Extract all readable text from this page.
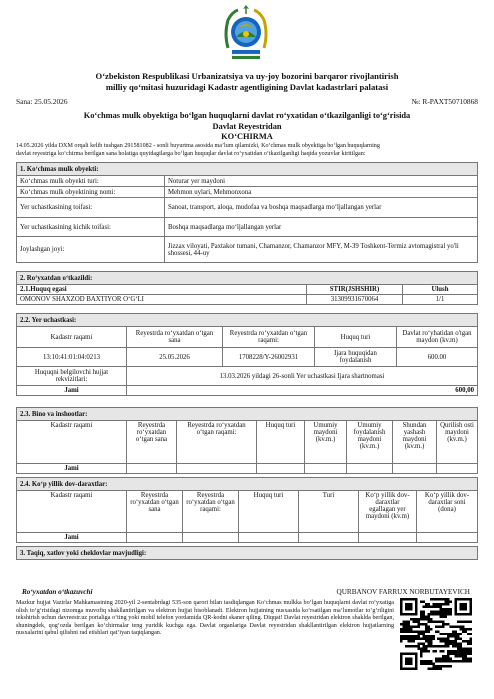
O‘zbekiston Respublikasi Urbanizatsiya va uy-joy bozorini barqaror rivojlantirish
milliy qo‘mitasi huzuridagi Kadastr agentligining Davlat kadastrlari palatasi
Sana: 25.05.2026	№: R-PAXT50710868
Ko‘chmas mulk obyektiga bo‘lgan huquqlarni davlat ro‘yxatidan o‘tkazilganligi to‘g‘risida
Davlat Reyestridan
KO‘CHIRMA
14.05.2026 yilda DXM orqali kelib tushgan 291581082 - sonli buyurtma asosida ma’lum qilamizki, Ko‘chmas mulk obyektiga bo‘lgan huquqlarning
davlat reyestriga ko‘chirma berilgan sana holatiga quyidagilarga bo‘lgan huquqlar davlat ro‘yxatidan o‘tkazilganligi haqida yozuvlar kiritilgan:
1. Ko‘chmas mulk obyekti:	
Ko‘chmas mulk obyekti turi:	Noturar yer maydoni
Ko‘chmas mulk obyektining nomi:	Mehmon uylari, Mehmonxona
Yer uchastkasining toifasi:	Sanoat, transport, aloqa, mudofaa va boshqa maqsadlarga mo‘ljallangan yerlar
Yer uchastkasining kichik toifasi:	Boshqa maqsadlarga mo‘ljallangan yerlar
Joylashgan joyi:	Jizzax viloyati, Paxtakor tumani, Chamanzor, Chamanzor MFY, M-39 Toshkent-Termiz avtomagistral yo'li shossesi, 44-uy
2. Ro‘yxatdan o‘tkazildi:		
2.1.Huquq egasi	STIR(JSHSHIR)	Ulush
OMONOV SHAXZOD BAXTIYOR O‘G‘LI	31309931670064	1/1
2.2. Yer uchastkasi:				
Kadastr raqami	Reyestrda ro‘yxatdan o‘tgan sana	Reyestrda ro‘yxatdan o‘tgan raqami:	Huquq turi	Davlat ro‘yhatidan o'tgan maydon (kv.m)
13:10:41:01:04:0213	25.05.2026	1708228/Y-26002931	Ijara huquqidan foydalanish	600.00
Huquqni belgilovchi hujjat rekvizitlari:	13.03.2026 yildagi 26-sonli Yer uchastkasi Ijara shartnomasi			
Jami	600,00			
2.3. Bino va inshootlar:							
Kadastr raqami	Reyestrda ro‘yxatdan o‘tgan sana	Reyestrda ro‘yxatdan o‘tgan raqami:	Huquq turi	Umumiy maydoni (kv.m.)	Umumiy foydalanish maydoni (kv.m.)	Shundan yashash maydoni (kv.m.)	Qurilish osti maydoni (kv.m.)
Jami							
2.4. Ko‘p yillik dov-daraxtlar:						
Kadastr raqami	Reyestrda ro‘yxatdan o‘tgan sana	Reyestrda ro‘yxatdan o‘tgan raqami:	Huquq turi	Turi	Ko‘p yillik dov-daraxtlar egallagan yer maydoni (kv.m)	Ko‘p yillik dov-daraxtlar soni (dona)
Jami						
3. Taqiq, xatlov yoki cheklovlar mavjudligi:
Ro‘yxatdan o‘tkazuvchi	QURBANOV FARRUX NORBUTAYEVICH
Mazkur hujjat Vazirlar Mahkamasining 2020-yil 2-sentabrdagi 535-son qarori bilan tasdiqlangan Ko‘chmas mulkka bo‘lgan huquqlarni davlat ro‘yxatiga olish to‘g‘risidagi nizomga muvofiq shakllantirilgan va elektron hujjat hisoblanadi. Elektron hujjatning nusxasida ko‘rsatilgan ma’lumotlar to‘g‘riligini tekshirish uchun davreestr.uz portaliga o‘ting yoki mobil telefon yordamida QR-kodni skaner qiling. Diqqat! Davlat reyestridan elektron shaklda berilgan, shuningdek, qog‘ozda berilgan ko‘chirmalar teng yuridik kuchga ega. Davlat organlariga Davlat reyestridan shakllantirilgan elektron hujjatlarning nusxalarini qabul qilishni rad etishlari qat’iyan taqiqlangan.
